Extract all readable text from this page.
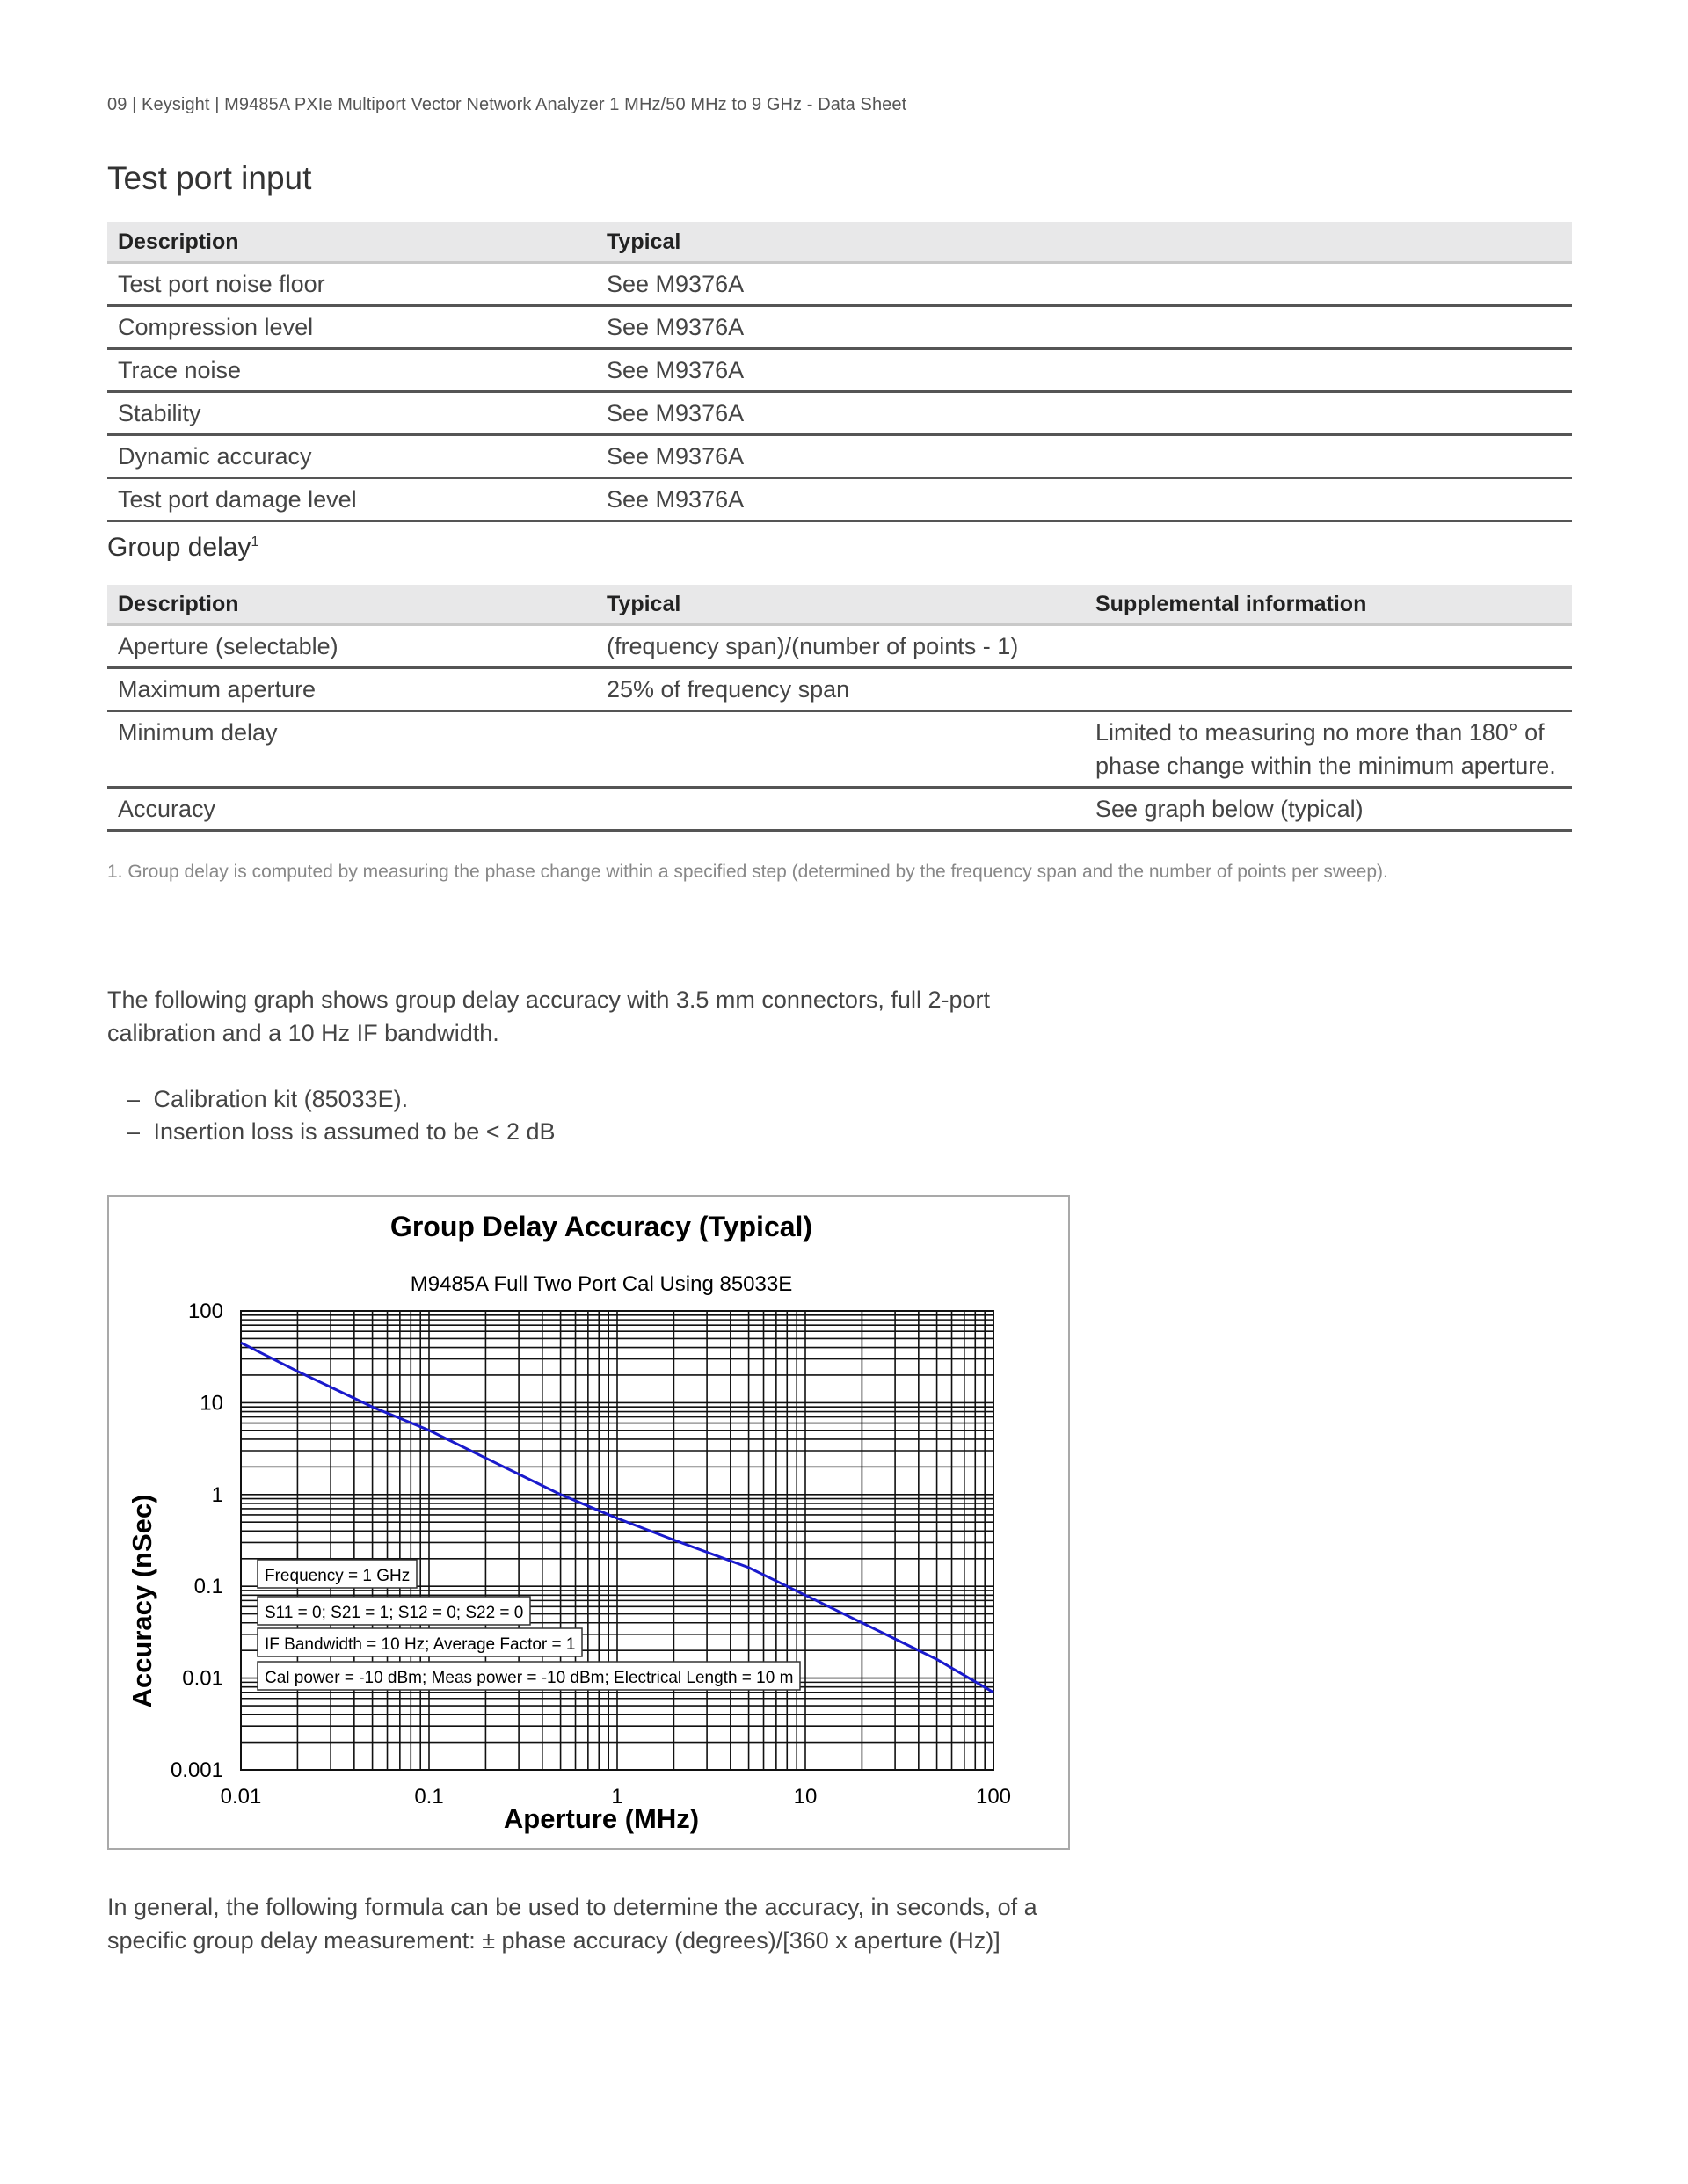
09 | Keysight | M9485A PXIe Multiport Vector Network Analyzer 1 MHz/50 MHz to 9 GHz - Data Sheet
Test port input
Description	Typical
Test port noise floor	See M9376A
Compression level	See M9376A
Trace noise	See M9376A
Stability	See M9376A
Dynamic accuracy	See M9376A
Test port damage level	See M9376A
Group delay$^1$
Description	Typical	Supplemental information
Aperture (selectable)	(frequency span)/(number of points - 1)	
Maximum aperture	25% of frequency span	
Minimum delay		Limited to measuring no more than 180° of phase change within the minimum aperture.
Accuracy		See graph below (typical)
1. Group delay is computed by measuring the phase change within a specified step (determined by the frequency span and the number of points per sweep).
The following graph shows group delay accuracy with 3.5 mm connectors, full 2-port calibration and a 10 Hz IF bandwidth.
– Calibration kit (85033E).
– Insertion loss is assumed to be < 2 dB
Group Delay Accuracy (Typical)
M9485A Full Two Port Cal Using 85033E
Frequency = 1 GHz
S11 = 0; S21 = 1; S12 = 0; S22 = 0
IF Bandwidth = 10 Hz; Average Factor = 1
Cal power = -10 dBm; Meas power = -10 dBm; Electrical Length = 10 m
0.01	0.1	1	10	100
100
10
1
0.1
0.01
0.001
Aperture (MHz)
Accuracy (nSec)
In general, the following formula can be used to determine the accuracy, in seconds, of a specific group delay measurement: ± phase accuracy (degrees)/[360 x aperture (Hz)]
